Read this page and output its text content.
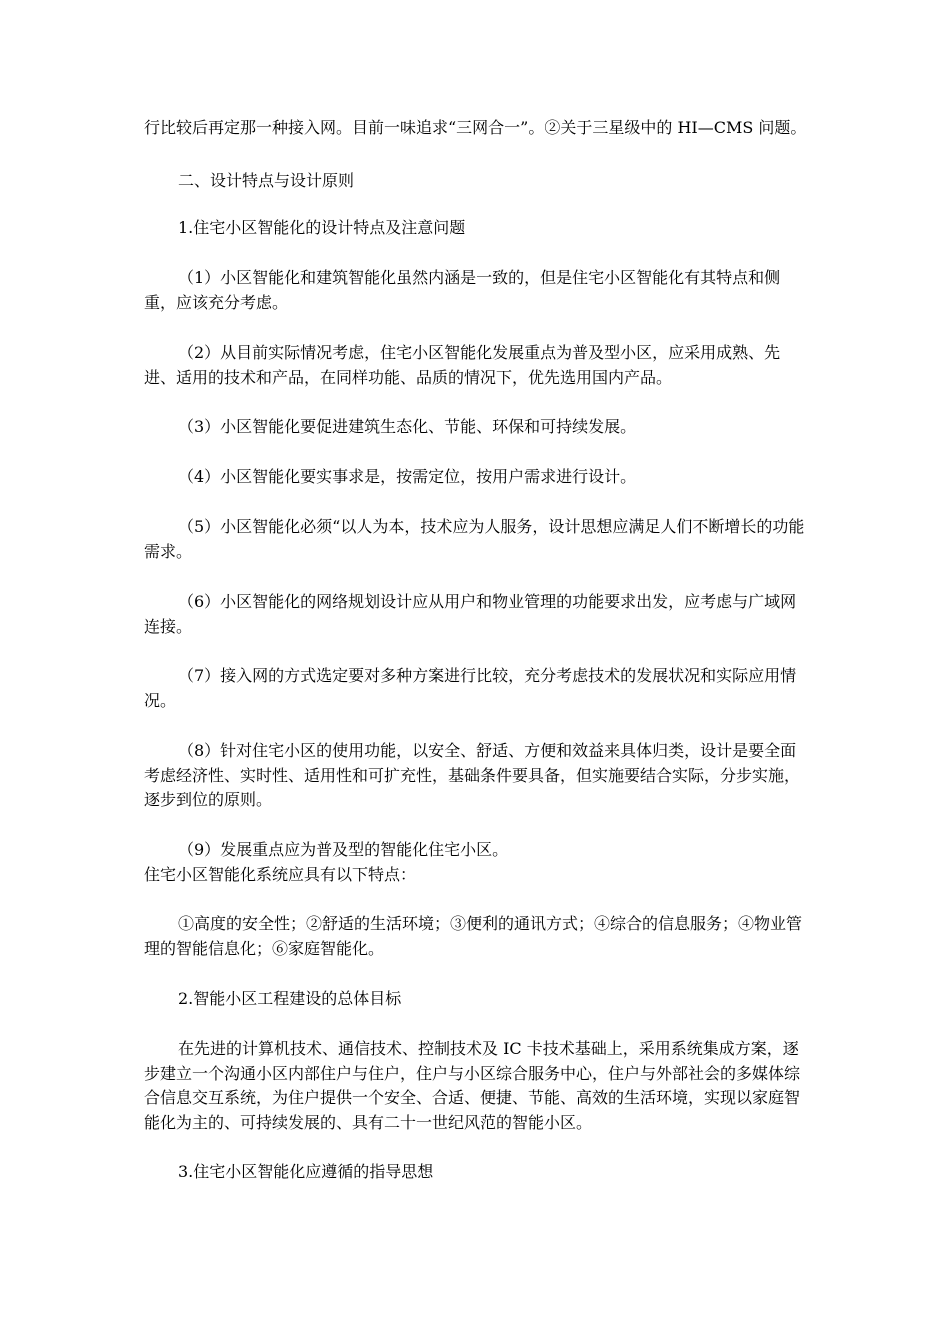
行比较后再定那一种接入网。目前一味追求“三网合一”。②关于三星级中的 HI—CMS 问题。

二、设计特点与设计原则

1.住宅小区智能化的设计特点及注意问题

（1）小区智能化和建筑智能化虽然内涵是一致的，但是住宅小区智能化有其特点和侧重，应该充分考虑。

（2）从目前实际情况考虑，住宅小区智能化发展重点为普及型小区，应采用成熟、先进、适用的技术和产品，在同样功能、品质的情况下，优先选用国内产品。

（3）小区智能化要促进建筑生态化、节能、环保和可持续发展。

（4）小区智能化要实事求是，按需定位，按用户需求进行设计。

（5）小区智能化必须“以人为本，技术应为人服务，设计思想应满足人们不断增长的功能需求。

（6）小区智能化的网络规划设计应从用户和物业管理的功能要求出发，应考虑与广域网连接。

（7）接入网的方式选定要对多种方案进行比较，充分考虑技术的发展状况和实际应用情况。

（8）针对住宅小区的使用功能，以安全、舒适、方便和效益来具体归类，设计是要全面考虑经济性、实时性、适用性和可扩充性，基础条件要具备，但实施要结合实际，分步实施，逐步到位的原则。

（9）发展重点应为普及型的智能化住宅小区。

住宅小区智能化系统应具有以下特点：

①高度的安全性；②舒适的生活环境；③便利的通讯方式；④综合的信息服务；④物业管理的智能信息化；⑥家庭智能化。

2.智能小区工程建设的总体目标

在先进的计算机技术、通信技术、控制技术及 IC 卡技术基础上，采用系统集成方案，逐步建立一个沟通小区内部住户与住户，住户与小区综合服务中心，住户与外部社会的多媒体综合信息交互系统，为住户提供一个安全、合适、便捷、节能、高效的生活环境，实现以家庭智能化为主的、可持续发展的、具有二十一世纪风范的智能小区。

3.住宅小区智能化应遵循的指导思想
